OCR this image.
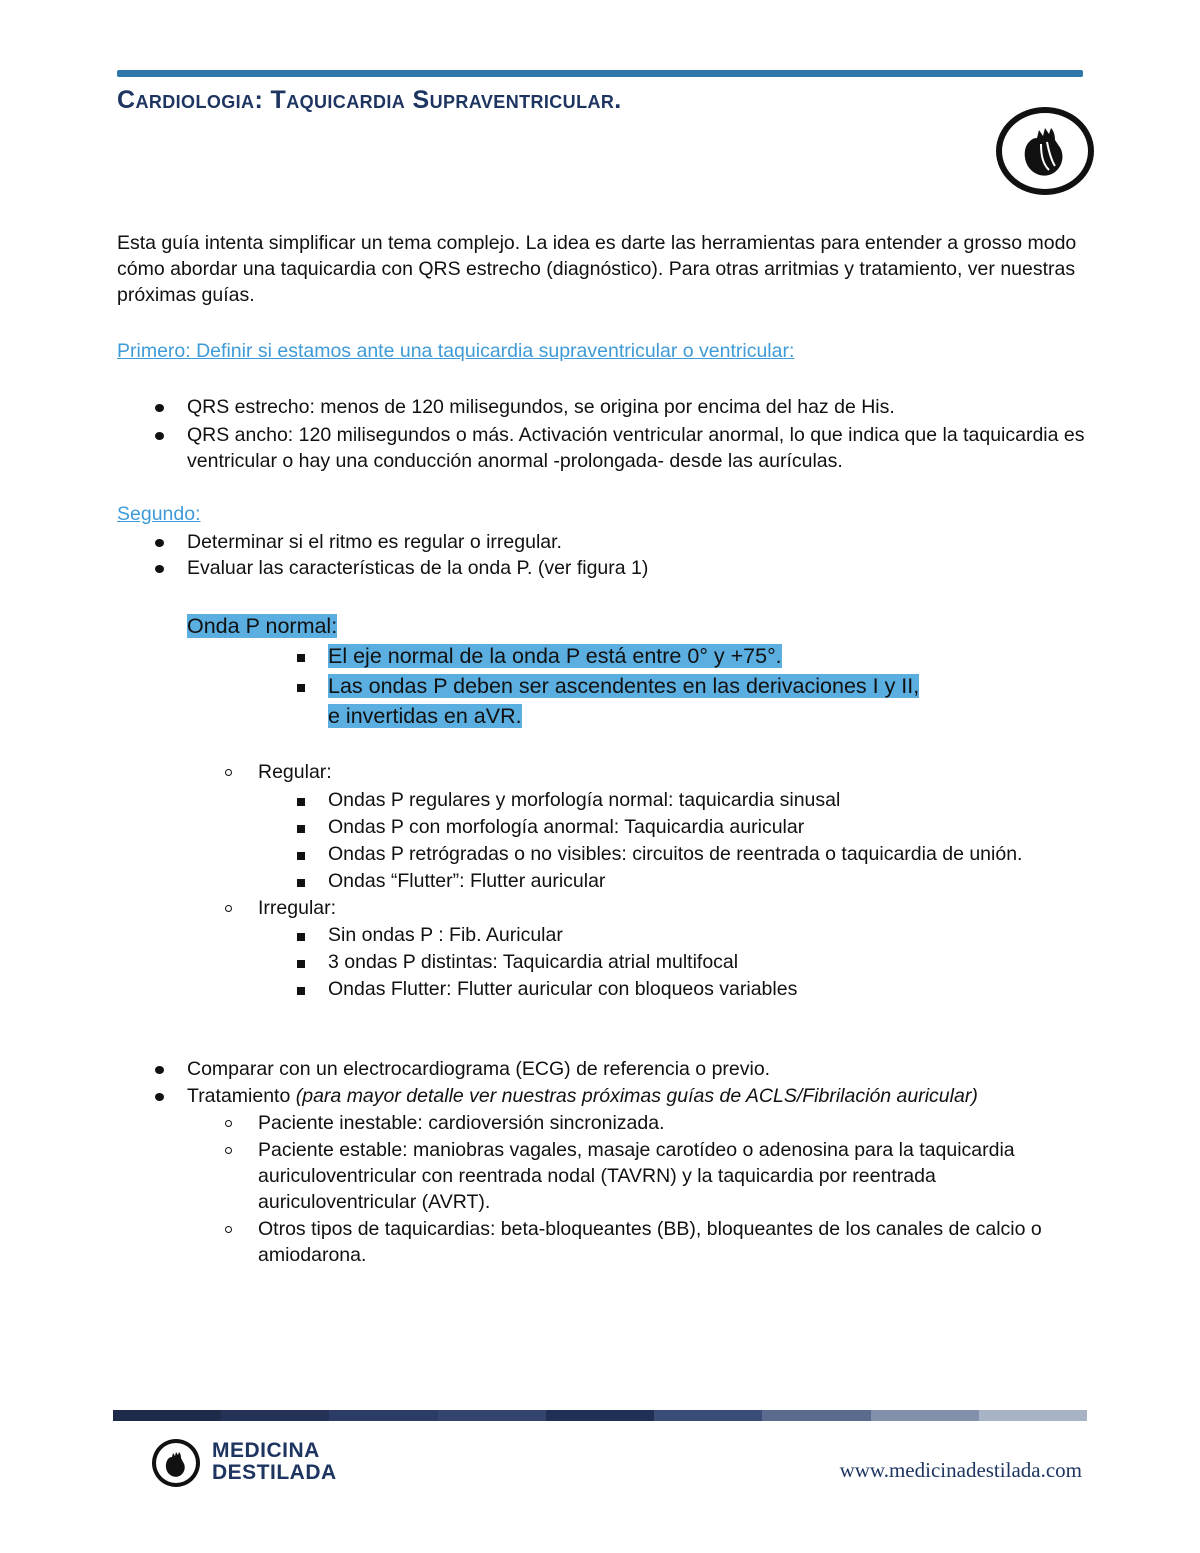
Cardiologia: Taquicardia Supraventricular.

Esta guía intenta simplificar un tema complejo. La idea es darte las herramientas para entender a grosso modo cómo abordar una taquicardia con QRS estrecho (diagnóstico). Para otras arritmias y tratamiento, ver nuestras próximas guías.

Primero: Definir si estamos ante una taquicardia supraventricular o ventricular:

QRS estrecho: menos de 120 milisegundos, se origina por encima del haz de His.
QRS ancho: 120 milisegundos o más. Activación ventricular anormal, lo que indica que la taquicardia es ventricular o hay una conducción anormal -prolongada- desde las aurículas.

Segundo:

Determinar si el ritmo es regular o irregular.
Evaluar las características de la onda P. (ver figura 1)
Onda P normal:
El eje normal de la onda P está entre 0° y +75°.
Las ondas P deben ser ascendentes en las derivaciones I y II, e invertidas en aVR.
Regular:
Ondas P regulares y morfología normal: taquicardia sinusal
Ondas P con morfología anormal: Taquicardia auricular
Ondas P retrógradas o no visibles: circuitos de reentrada o taquicardia de unión.
Ondas “Flutter”: Flutter auricular
Irregular:
Sin ondas P : Fib. Auricular
3 ondas P distintas: Taquicardia atrial multifocal
Ondas Flutter: Flutter auricular con bloqueos variables
Comparar con un electrocardiograma (ECG) de referencia o previo.
Tratamiento (para mayor detalle ver nuestras próximas guías de ACLS/Fibrilación auricular)
Paciente inestable: cardioversión sincronizada.
Paciente estable: maniobras vagales, masaje carotídeo o adenosina para la taquicardia auriculoventricular con reentrada nodal (TAVRN) y la taquicardia por reentrada auriculoventricular (AVRT).
Otros tipos de taquicardias: beta-bloqueantes (BB), bloqueantes de los canales de calcio o amiodarona.
MEDICINA
DESTILADA	www.medicinadestilada.com
